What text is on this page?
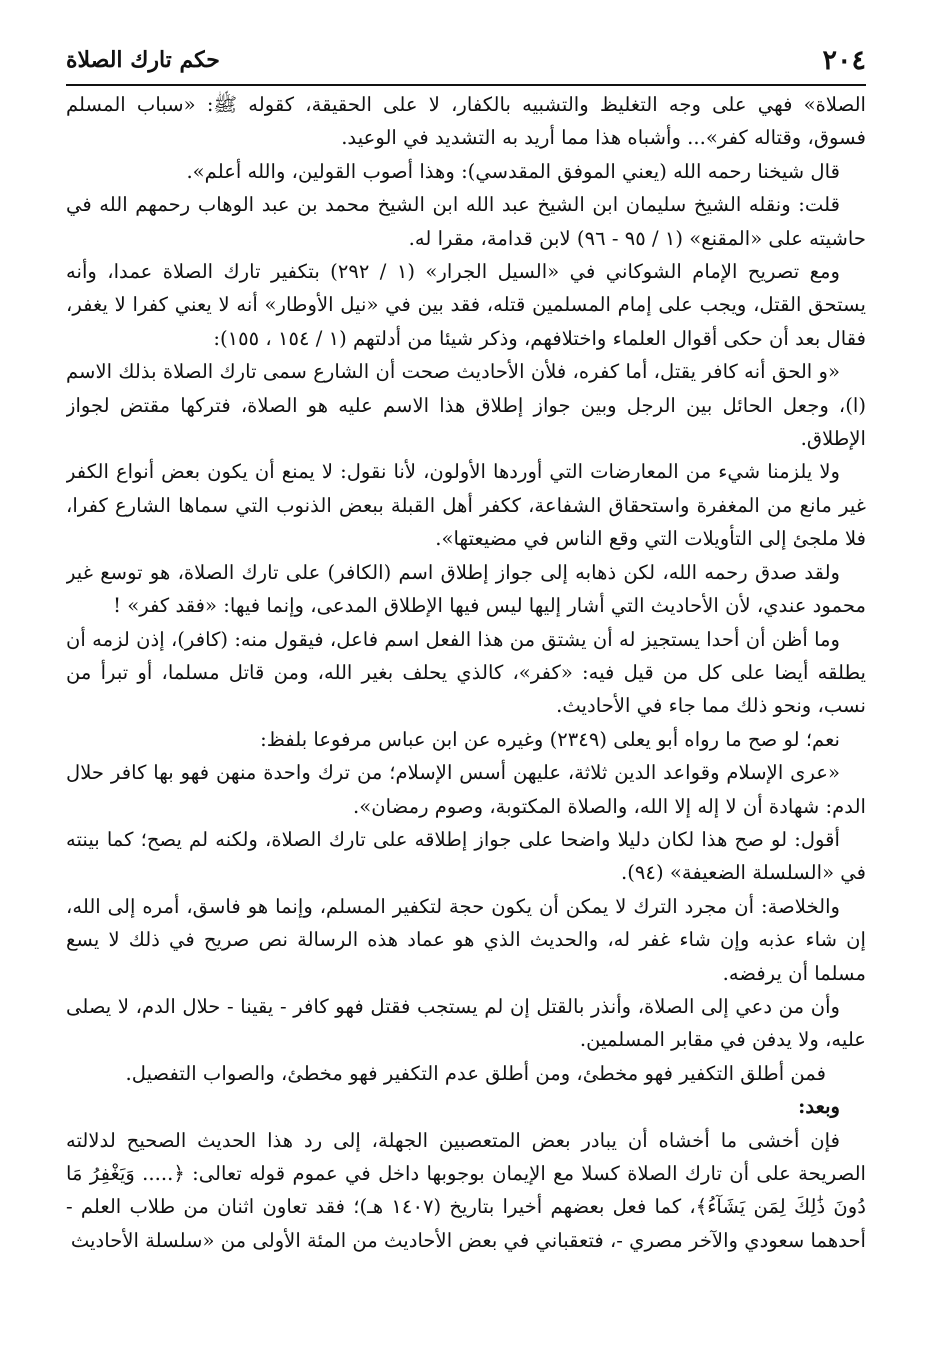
٢٠٤
حكم تارك الصلاة

الصلاة» فهي على وجه التغليظ والتشبيه بالكفار، لا على الحقيقة، كقوله ﷺ: «سباب المسلم فسوق، وقتاله كفر»... وأشباه هذا مما أريد به التشديد في الوعيد.

قال شيخنا رحمه الله (يعني الموفق المقدسي): وهذا أصوب القولين، والله أعلم».

قلت: ونقله الشيخ سليمان ابن الشيخ عبد الله ابن الشيخ محمد بن عبد الوهاب رحمهم الله في حاشيته على «المقنع» (١ / ٩٥ - ٩٦) لابن قدامة، مقرا له.

ومع تصريح الإمام الشوكاني في «السيل الجرار» (١ / ٢٩٢) بتكفير تارك الصلاة عمدا، وأنه يستحق القتل، ويجب على إمام المسلمين قتله، فقد بين في «نيل الأوطار» أنه لا يعني كفرا لا يغفر، فقال بعد أن حكى أقوال العلماء واختلافهم، وذكر شيئا من أدلتهم (١ / ١٥٤ ، ١٥٥):

«و الحق أنه كافر يقتل، أما كفره، فلأن الأحاديث صحت أن الشارع سمى تارك الصلاة بذلك الاسم (ا)، وجعل الحائل بين الرجل وبين جواز إطلاق هذا الاسم عليه هو الصلاة، فتركها مقتض لجواز الإطلاق.

ولا يلزمنا شيء من المعارضات التي أوردها الأولون، لأنا نقول: لا يمنع أن يكون بعض أنواع الكفر غير مانع من المغفرة واستحقاق الشفاعة، ككفر أهل القبلة ببعض الذنوب التي سماها الشارع كفرا، فلا ملجئ إلى التأويلات التي وقع الناس في مضيعتها».

ولقد صدق رحمه الله، لكن ذهابه إلى جواز إطلاق اسم (الكافر) على تارك الصلاة، هو توسع غير محمود عندي، لأن الأحاديث التي أشار إليها ليس فيها الإطلاق المدعى، وإنما فيها: «فقد كفر» !

وما أظن أن أحدا يستجيز له أن يشتق من هذا الفعل اسم فاعل، فيقول منه: (كافر)، إذن لزمه أن يطلقه أيضا على كل من قيل فيه: «كفر»، كالذي يحلف بغير الله، ومن قاتل مسلما، أو تبرأ من نسب، ونحو ذلك مما جاء في الأحاديث.

نعم؛ لو صح ما رواه أبو يعلى (٢٣٤٩) وغيره عن ابن عباس مرفوعا بلفظ:

«عرى الإسلام وقواعد الدين ثلاثة، عليهن أسس الإسلام؛ من ترك واحدة منهن فهو بها كافر حلال الدم: شهادة أن لا إله إلا الله، والصلاة المكتوبة، وصوم رمضان».

أقول: لو صح هذا لكان دليلا واضحا على جواز إطلاقه على تارك الصلاة، ولكنه لم يصح؛ كما بينته في «السلسلة الضعيفة» (٩٤).

والخلاصة: أن مجرد الترك لا يمكن أن يكون حجة لتكفير المسلم، وإنما هو فاسق، أمره إلى الله، إن شاء عذبه وإن شاء غفر له، والحديث الذي هو عماد هذه الرسالة نص صريح في ذلك لا يسع مسلما أن يرفضه.

وأن من دعي إلى الصلاة، وأنذر بالقتل إن لم يستجب فقتل فهو كافر - يقينا - حلال الدم، لا يصلى عليه، ولا يدفن في مقابر المسلمين.

فمن أطلق التكفير فهو مخطئ، ومن أطلق عدم التكفير فهو مخطئ، والصواب التفصيل.

وبعد:

فإن أخشى ما أخشاه أن يبادر بعض المتعصبين الجهلة، إلى رد هذا الحديث الصحيح لدلالته الصريحة على أن تارك الصلاة كسلا مع الإيمان بوجوبها داخل في عموم قوله تعالى: ﴿..... وَيَغْفِرُ مَا دُونَ ذَٰلِكَ لِمَن يَشَآءُ﴾، كما فعل بعضهم أخيرا بتاريخ (١٤٠٧ هـ)؛ فقد تعاون اثنان من طلاب العلم - أحدهما سعودي والآخر مصري -، فتعقباني في بعض الأحاديث من المئة الأولى من «سلسلة الأحاديث
